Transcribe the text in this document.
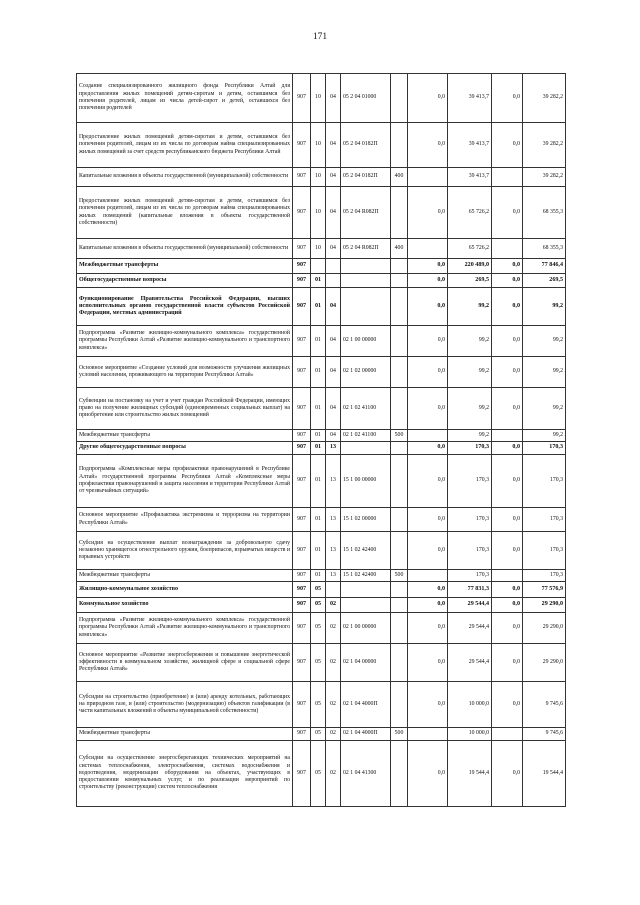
171
Создание специализированного жилищного фонда Республики Алтай для предоставления жилых помещений детям-сиротам и детям, оставшимся без попечения родителей, лицам из числа детей-сирот и детей, оставшихся без попечения родителей	907	10	04	05 2 04 01000		0,0	39 413,7	0,0	39 282,2
Предоставление жилых помещений детям-сиротам и детям, оставшимся без попечения родителей, лицам из их числа по договорам найма специализированных жилых помещений за счет средств республиканского бюджета Республики Алтай	907	10	04	05 2 04 0182П		0,0	39 413,7	0,0	39 282,2
Капитальные вложения в объекты государственной (муниципальной) собственности	907	10	04	05 2 04 0182П	400		39 413,7		39 282,2
Предоставление жилых помещений детям-сиротам и детям, оставшимся без попечения родителей, лицам из их числа по договорам найма специализированных жилых помещений (капитальные вложения в объекты государственной собственности)	907	10	04	05 2 04 R082П		0,0	65 726,2	0,0	68 355,3
Капитальные вложения в объекты государственной (муниципальной) собственности	907	10	04	05 2 04 R082П	400		65 726,2		68 355,3
Межбюджетные трансферты	907					0,0	220 489,0	0,0	77 846,4
Общегосударственные вопросы	907	01				0,0	269,5	0,0	269,5
Функционирование Правительства Российской Федерации, высших исполнительных органов государственной власти субъектов Российской Федерации, местных администраций	907	01	04			0,0	99,2	0,0	99,2
Подпрограмма «Развитие жилищно-коммунального комплекса» государственной программы Республики Алтай «Развитие жилищно-коммунального и транспортного комплекса»	907	01	04	02 1 00 00000		0,0	99,2	0,0	99,2
Основное мероприятие «Создание условий для возможности улучшения жилищных условий населения, проживающего на территории Республики Алтай»	907	01	04	02 1 02 00000		0,0	99,2	0,0	99,2
Субвенции на постановку на учет и учет граждан Российской Федерации, имеющих право на получение жилищных субсидий (единовременных социальных выплат) на приобретение или строительство жилых помещений	907	01	04	02 1 02 41100		0,0	99,2	0,0	99,2
Межбюджетные трансферты	907	01	04	02 1 02 41100	500		99,2		99,2
Другие общегосударственные вопросы	907	01	13			0,0	170,3	0,0	170,3
Подпрограмма «Комплексные меры профилактики правонарушений в Республике Алтай» государственной программы Республики Алтай «Комплексные меры профилактики правонарушений и защита населения и территории Республики Алтай от чрезвычайных ситуаций»	907	01	13	15 1 00 00000		0,0	170,3	0,0	170,3
Основное мероприятие «Профилактика экстремизма и терроризма на территории Республики Алтай»	907	01	13	15 1 02 00000		0,0	170,3	0,0	170,3
Субсидия на осуществление выплат вознаграждения за добровольную сдачу незаконно хранящегося огнестрельного оружия, боеприпасов, взрывчатых веществ и взрывных устройств	907	01	13	15 1 02 42400		0,0	170,3	0,0	170,3
Межбюджетные трансферты	907	01	13	15 1 02 42400	500		170,3		170,3
Жилищно-коммунальное хозяйство	907	05				0,0	77 831,3	0,0	77 576,9
Коммунальное хозяйство	907	05	02			0,0	29 544,4	0,0	29 290,0
Подпрограмма «Развитие жилищно-коммунального комплекса» государственной программы Республики Алтай «Развитие жилищно-коммунального и транспортного комплекса»	907	05	02	02 1 00 00000		0,0	29 544,4	0,0	29 290,0
Основное мероприятие «Развитие энергосбережения и повышение энергетической эффективности в коммунальном хозяйстве, жилищной сфере и социальной сфере Республики Алтай»	907	05	02	02 1 04 00000		0,0	29 544,4	0,0	29 290,0
Субсидии на строительство (приобретение) и (или) аренду котельных, работающих на природном газе, и (или) строительство (модернизацию) объектов газификации (в части капитальных вложений в объекты муниципальной собственности)	907	05	02	02 1 04 4000П		0,0	10 000,0	0,0	9 745,6
Межбюджетные трансферты	907	05	02	02 1 04 4000П	500		10 000,0		9 745,6
Субсидии на осуществление энергосберегающих технических мероприятий на системах теплоснабжения, электроснабжения, системах водоснабжения и водоотведения, модернизации оборудования на объектах, участвующих в предоставлении коммунальных услуг, и по реализации мероприятий по строительству (реконструкции) систем теплоснабжения	907	05	02	02 1 04 41300		0,0	19 544,4	0,0	19 544,4
